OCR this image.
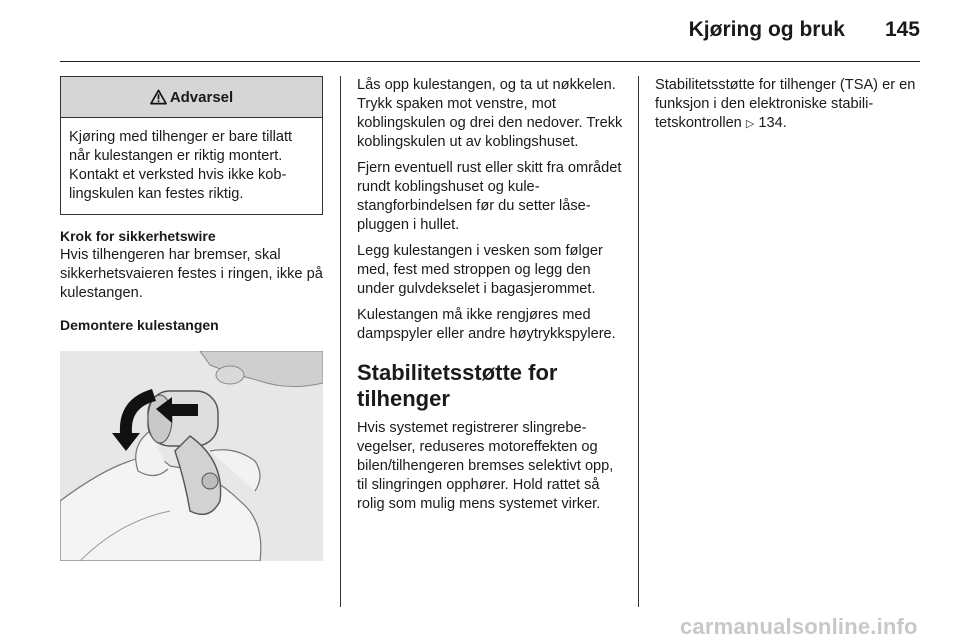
Kjøring og bruk 145
Advarsel
Kjøring med tilhenger er bare tillatt når kulestangen er riktig montert. Kontakt et verksted hvis ikke koblingskulen kan festes riktig.
Krok for sikkerhetswire

Hvis tilhengeren har bremser, skal sikkerhetsvaieren festes i ringen, ikke på kulestangen.

Demontere kulestangen

Lås opp kulestangen, og ta ut nøkkelen. Trykk spaken mot venstre, mot koblingskulen og drei den nedover. Trekk koblingskulen ut av koblingshuset.

Fjern eventuell rust eller skitt fra området rundt koblingshuset og kulestangforbindelsen før du setter låsepluggen i hullet.

Legg kulestangen i vesken som følger med, fest med stroppen og legg den under gulvdekselet i bagasjerommet.

Kulestangen må ikke rengjøres med dampspyler eller andre høytrykkspylere.

Stabilitetsstøtte for tilhenger

Hvis systemet registrerer slingrebevegelser, reduseres motoreffekten og bilen/tilhengeren bremses selektivt opp, til slingringen opphører. Hold rattet så rolig som mulig mens systemet virker.

Stabilitetsstøtte for tilhenger (TSA) er en funksjon i den elektroniske stabilitetskontrollen ▷ 134.

carmanualsonline.info
